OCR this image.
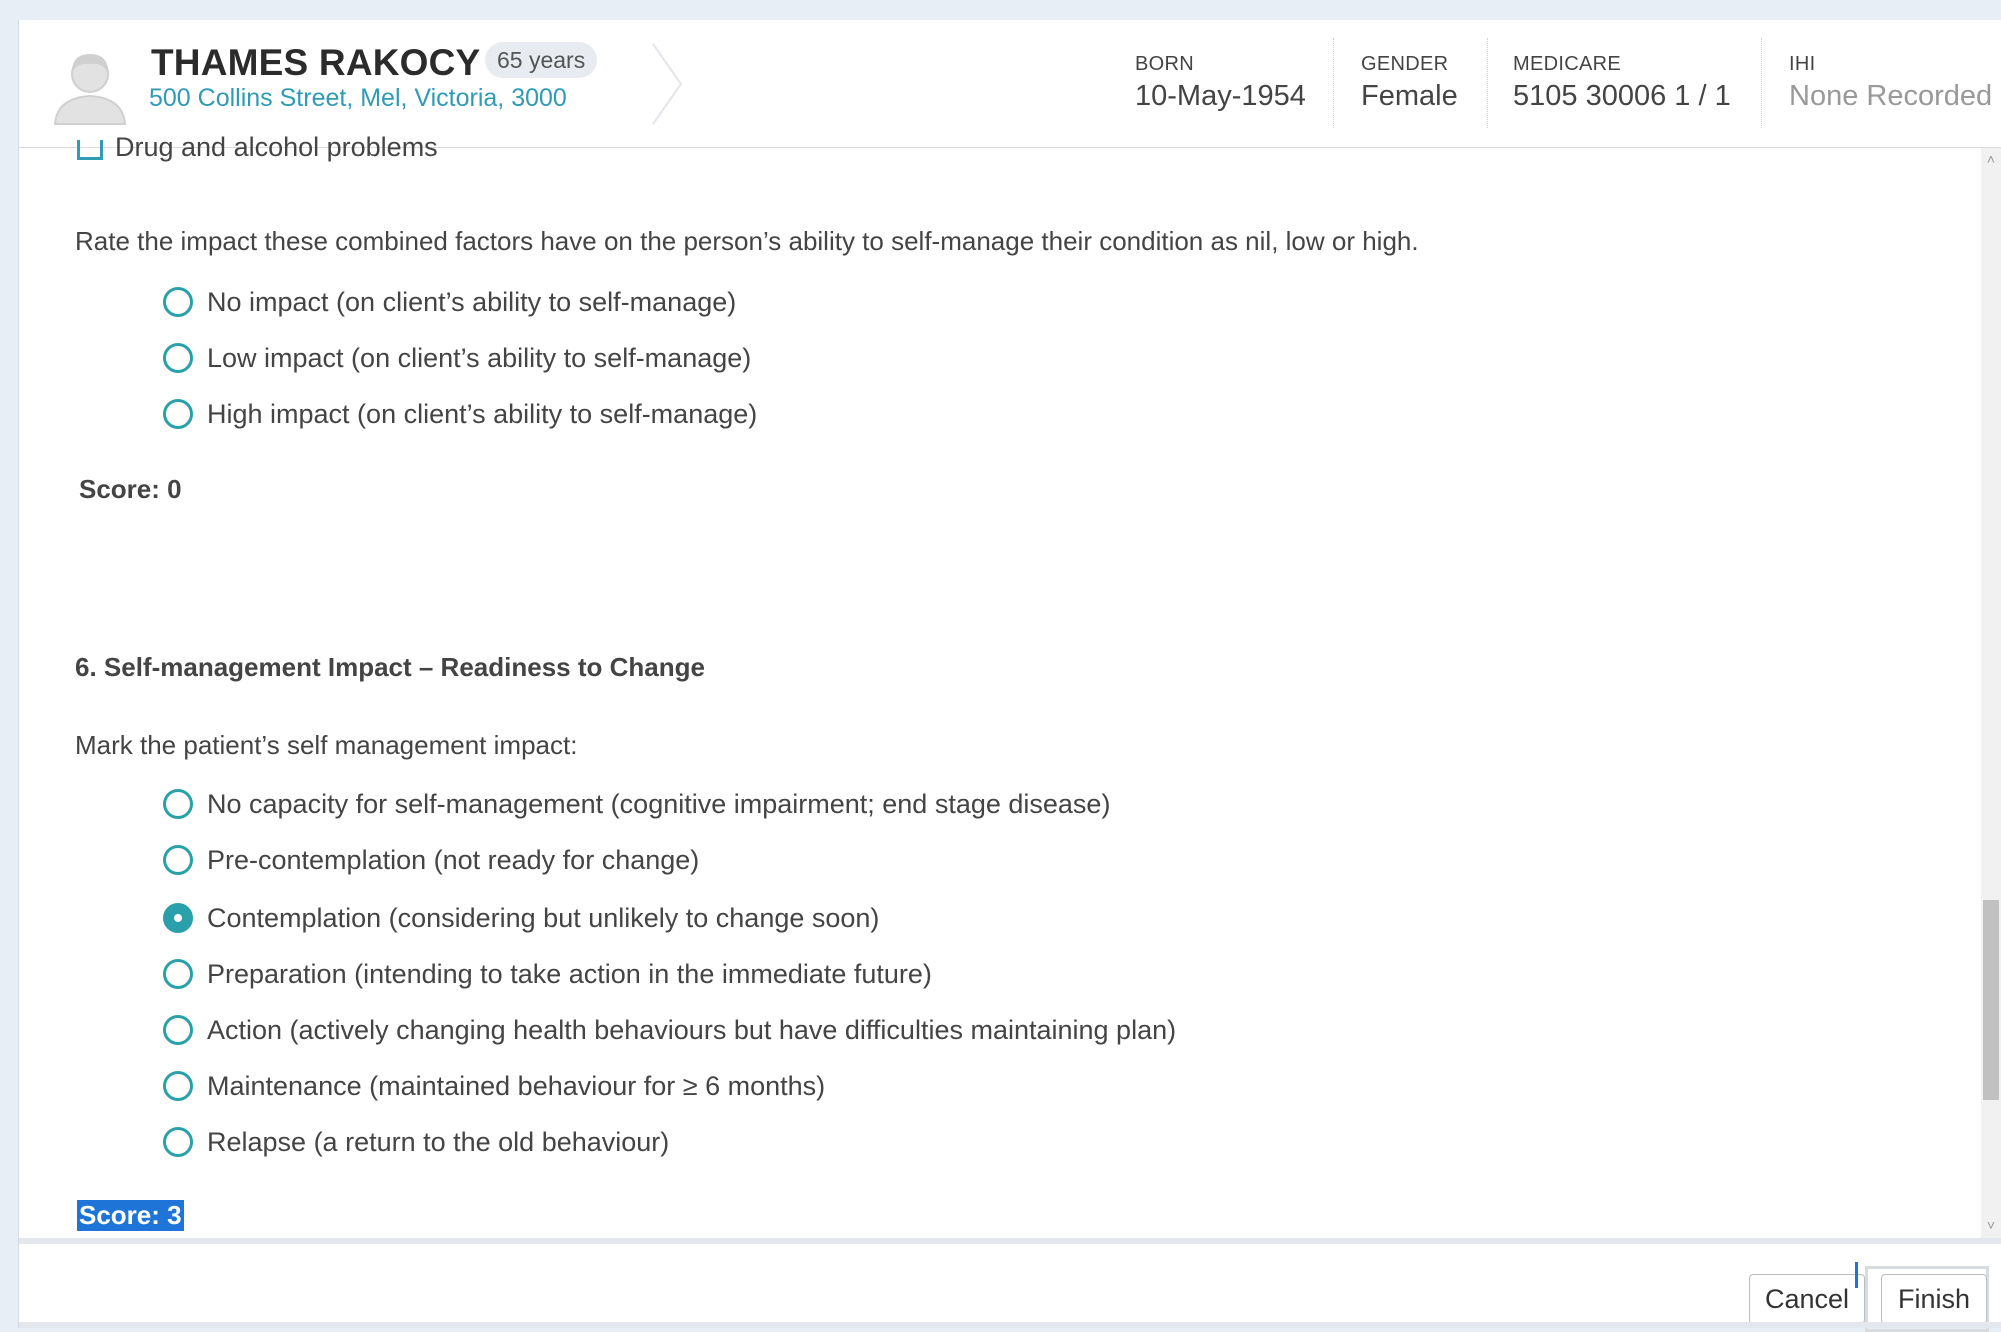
THAMES RAKOCY 65 years
500 Collins Street, Mel, Victoria, 3000
BORN
10-May-1954
GENDER
Female
MEDICARE
5105 30006 1 / 1
IHI
None Recorded
Drug and alcohol problems
Rate the impact these combined factors have on the person’s ability to self-manage their condition as nil, low or high.
No impact (on client’s ability to self-manage)
Low impact (on client’s ability to self-manage)
High impact (on client’s ability to self-manage)
Score: 0
6. Self-management Impact – Readiness to Change
Mark the patient’s self management impact:
No capacity for self-management (cognitive impairment; end stage disease)
Pre-contemplation (not ready for change)
Contemplation (considering but unlikely to change soon)
Preparation (intending to take action in the immediate future)
Action (actively changing health behaviours but have difficulties maintaining plan)
Maintenance (maintained behaviour for ≥ 6 months)
Relapse (a return to the old behaviour)
Score: 3
˄
˅
Cancel	Finish
